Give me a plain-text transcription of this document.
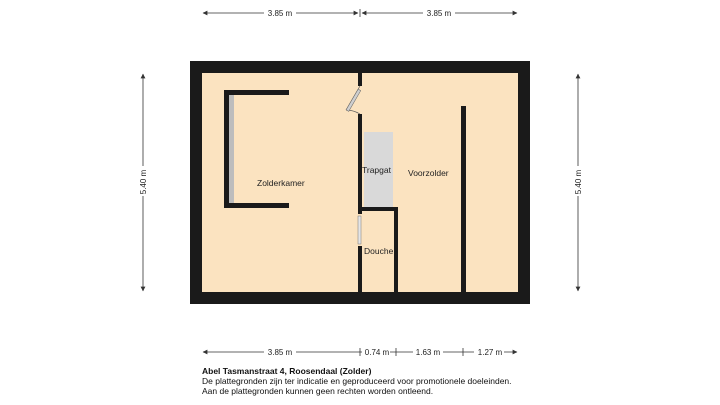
Zolderkamer
Trapgat Voorzolder
Douche
3.85 m	3.85 m
5.40 m	5.40 m
3.85 m	0.74 m	1.63 m	1.27 m
Abel Tasmanstraat 4, Roosendaal (Zolder)
De plattegronden zijn ter indicatie en geproduceerd voor promotionele doeleinden.
Aan de plattegronden kunnen geen rechten worden ontleend.
